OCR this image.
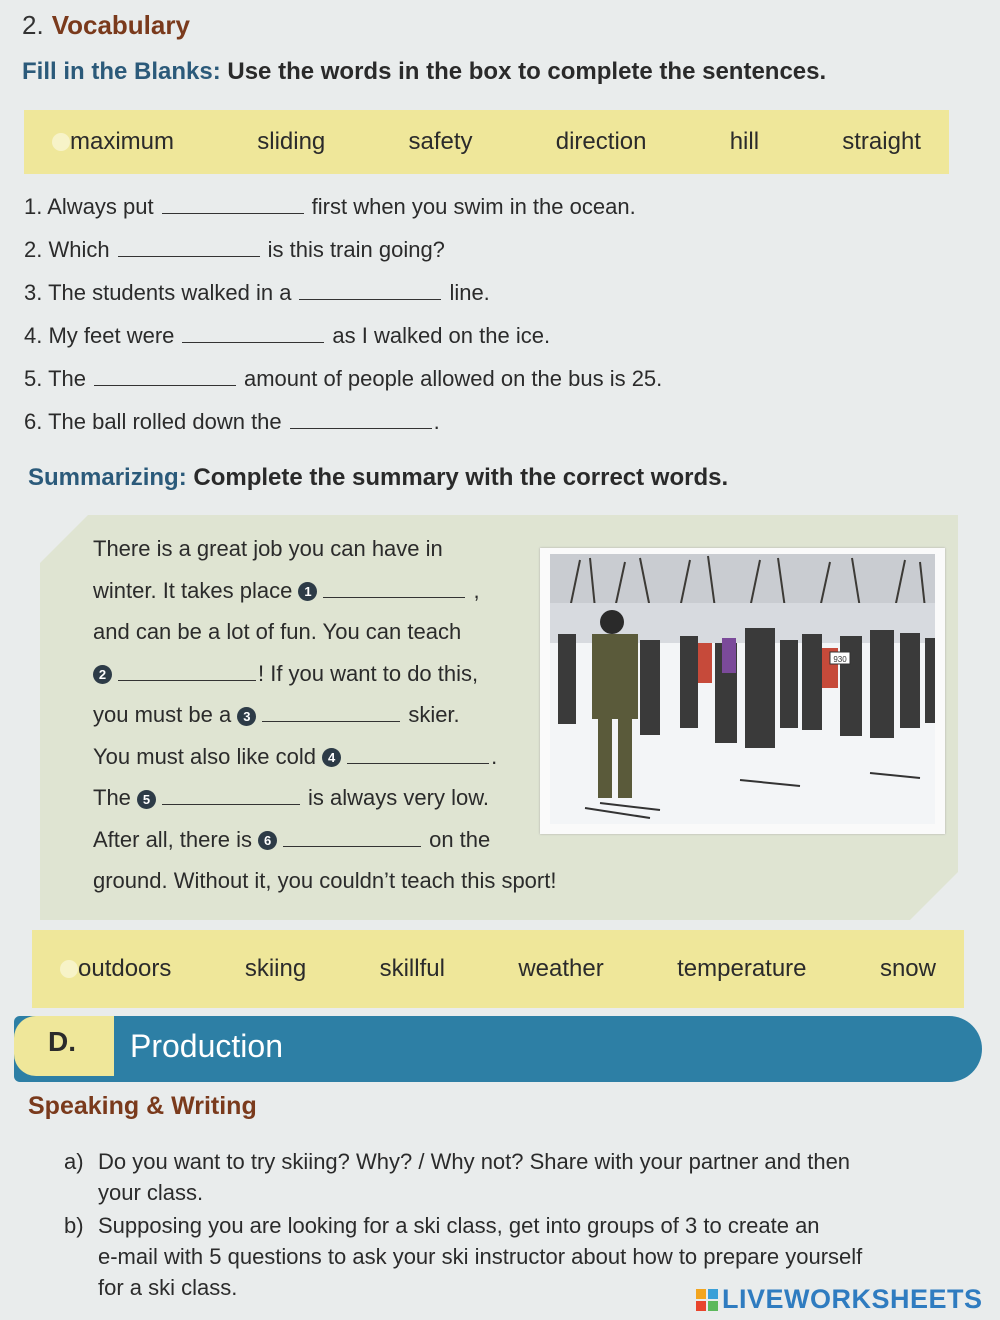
2. Vocabulary
Fill in the Blanks: Use the words in the box to complete the sentences.
maximum	sliding	safety	direction	hill	straight
1. Always put	first when you swim in the ocean.
2. Which	is this train going?
3. The students walked in a	line.
4. My feet were	as I walked on the ice.
5. The	amount of people allowed on the bus is 25.
6. The ball rolled down the	.
Summarizing: Complete the summary with the correct words.
There is a great job you can have in
winter. It takes place 1	,
and can be a lot of fun. You can teach
2	! If you want to do this,
you must be a 3	skier.
You must also like cold 4	.
The 5	is always very low.
After all, there is 6	on the
ground. Without it, you couldn’t teach this sport!
930
outdoors	skiing	skillful	weather	temperature	snow
D. Production
Speaking & Writing
a) Do you want to try skiing? Why? / Why not? Share with your partner and then
your class.
b) Supposing you are looking for a ski class, get into groups of 3 to create an
e-mail with 5 questions to ask your ski instructor about how to prepare yourself
for a ski class.	LIVEWORKSHEETS
